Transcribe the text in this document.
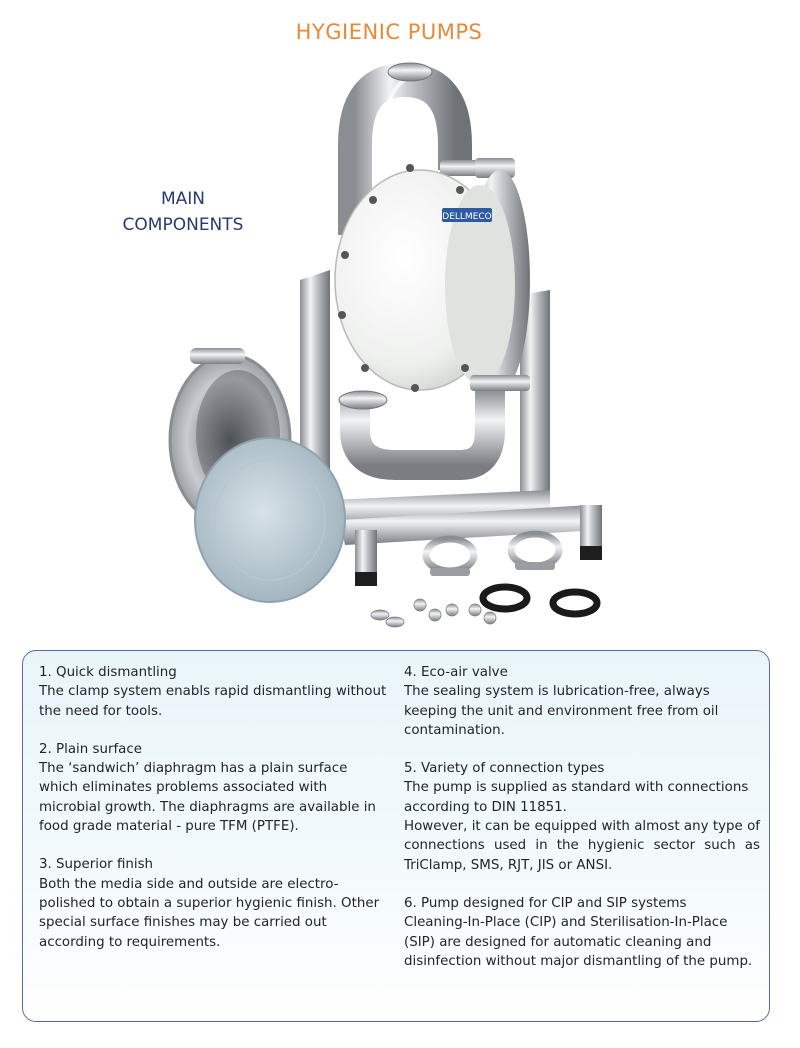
HYGIENIC PUMPS
MAIN
COMPONENTS	DELLMECO
1. Quick dismantling
The clamp system enabls rapid dismantling without the need for tools.
2. Plain surface
The ‘sandwich’ diaphragm has a plain surface which eliminates problems associated with microbial growth. The diaphragms are available in food grade material - pure TFM (PTFE).
3. Superior finish
Both the media side and outside are electro-polished to obtain a superior hygienic finish. Other special surface finishes may be carried out according to requirements.
4. Eco-air valve
The sealing system is lubrication-free, always keeping the unit and environment free from oil contamination.
5. Variety of connection types
The pump is supplied as standard with connections according to DIN 11851.
However, it can be equipped with almost any type of connections used in the hygienic sector such as TriClamp, SMS, RJT, JIS or ANSI.
6. Pump designed for CIP and SIP systems
Cleaning-In-Place (CIP) and Sterilisation-In-Place (SIP) are designed for automatic cleaning and disinfection without major dismantling of the pump.
